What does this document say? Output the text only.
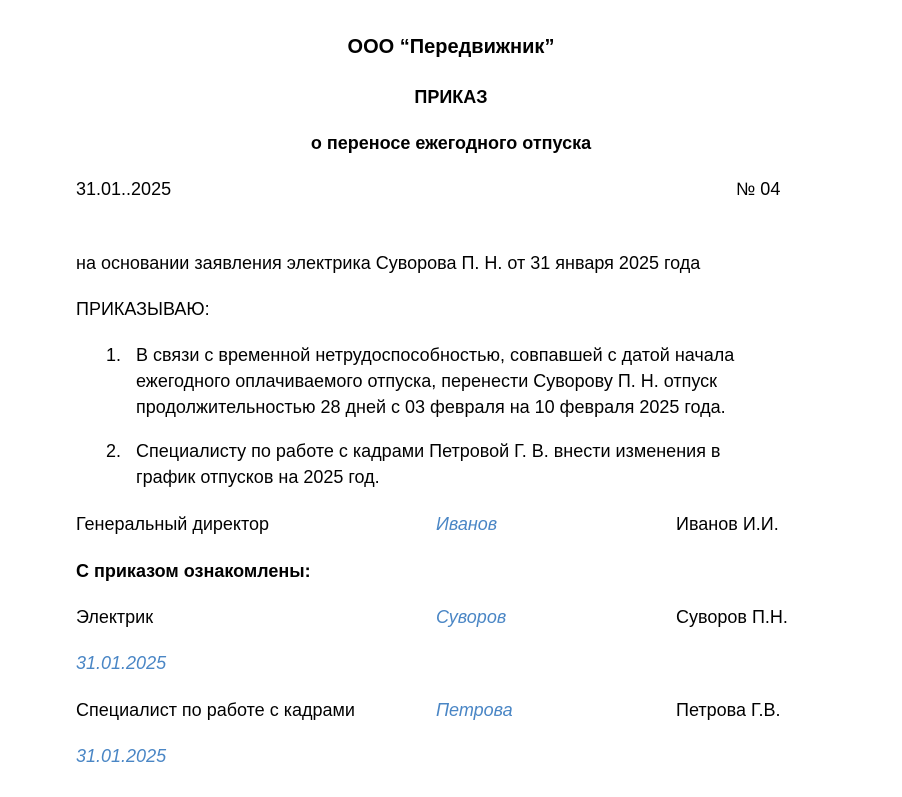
ООО “Передвижник”
ПРИКАЗ
о переносе ежегодного отпуска
31.01..2025	№ 04
на основании заявления электрика Суворова П. Н. от 31 января 2025 года
ПРИКАЗЫВАЮ:
1. В связи с временной нетрудоспособностью, совпавшей с датой начала
ежегодного оплачиваемого отпуска, перенести Суворову П. Н. отпуск
продолжительностью 28 дней с 03 февраля на 10 февраля 2025 года.
2. Специалисту по работе с кадрами Петровой Г. В. внести изменения в
график отпусков на 2025 год.
Генеральный директор	Иванов	Иванов И.И.
С приказом ознакомлены:
Электрик	Суворов	Суворов П.Н.
31.01.2025
Специалист по работе с кадрами	Петрова	Петрова Г.В.
31.01.2025
